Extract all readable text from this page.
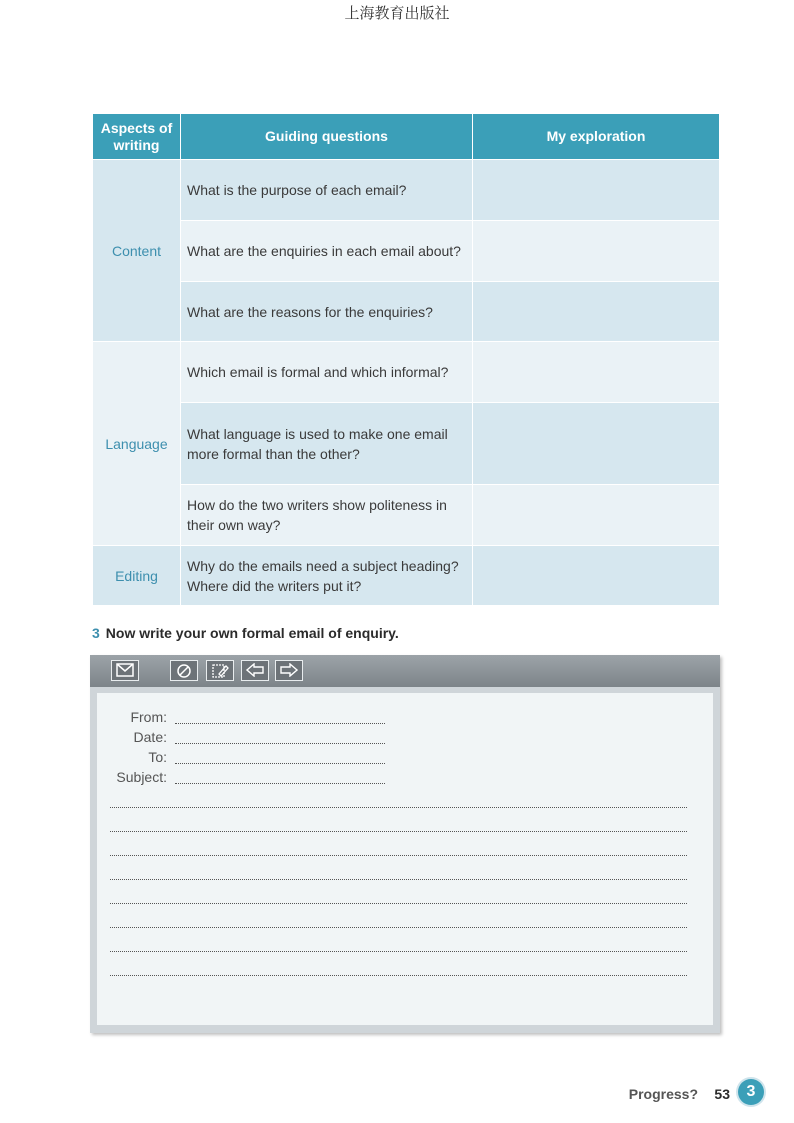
上海教育出版社
Aspects of writing	Guiding questions	My exploration
Content	What is the purpose of each email?	
	What are the enquiries in each email about?	
	What are the reasons for the enquiries?	
Language	Which email is formal and which informal?	
	What language is used to make one email more formal than the other?	
	How do the two writers show politeness in their own way?	
Editing	Why do the emails need a subject heading? Where did the writers put it?	
3 Now write your own formal email of enquiry.
From:
Date:
To:
Subject:
Progress? 53	3
